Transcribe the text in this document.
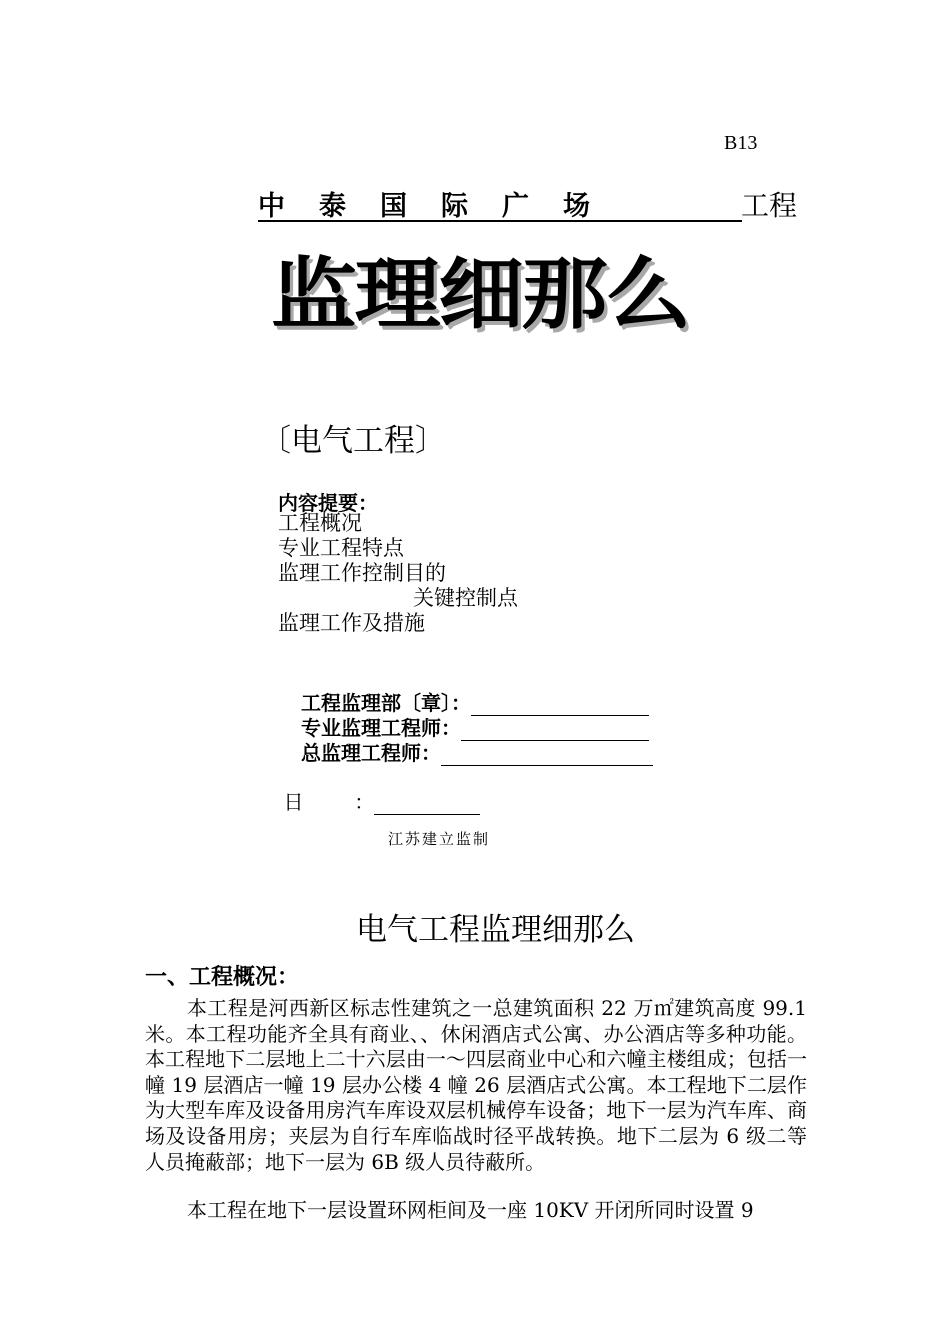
B13
中泰国际广场	工程
监理细那么
〔电气工程〕
内容提要：
工程概况
专业工程特点
监理工作控制目的
关键控制点
监理工作及措施
工程监理部〔章〕：
专业监理工程师：
总监理工程师：

日        ：

江苏建立监制
电气工程监理细那么
一、工程概况：
本工程是河西新区标志性建筑之一总建筑面积 22 万㎡建筑高度 99.1 米。本工程功能齐全具有商业、、休闲酒店式公寓、办公酒店等多种功能。本工程地下二层地上二十六层由一～四层商业中心和六幢主楼组成；包括一幢 19 层酒店一幢 19 层办公楼 4 幢 26 层酒店式公寓。本工程地下二层作为大型车库及设备用房汽车库设双层机械停车设备；地下一层为汽车库、商场及设备用房；夹层为自行车库临战时径平战转换。地下二层为 6 级二等人员掩蔽部；地下一层为 6B 级人员待蔽所。
本工程在地下一层设置环网柜间及一座 10KV 开闭所同时设置 9
